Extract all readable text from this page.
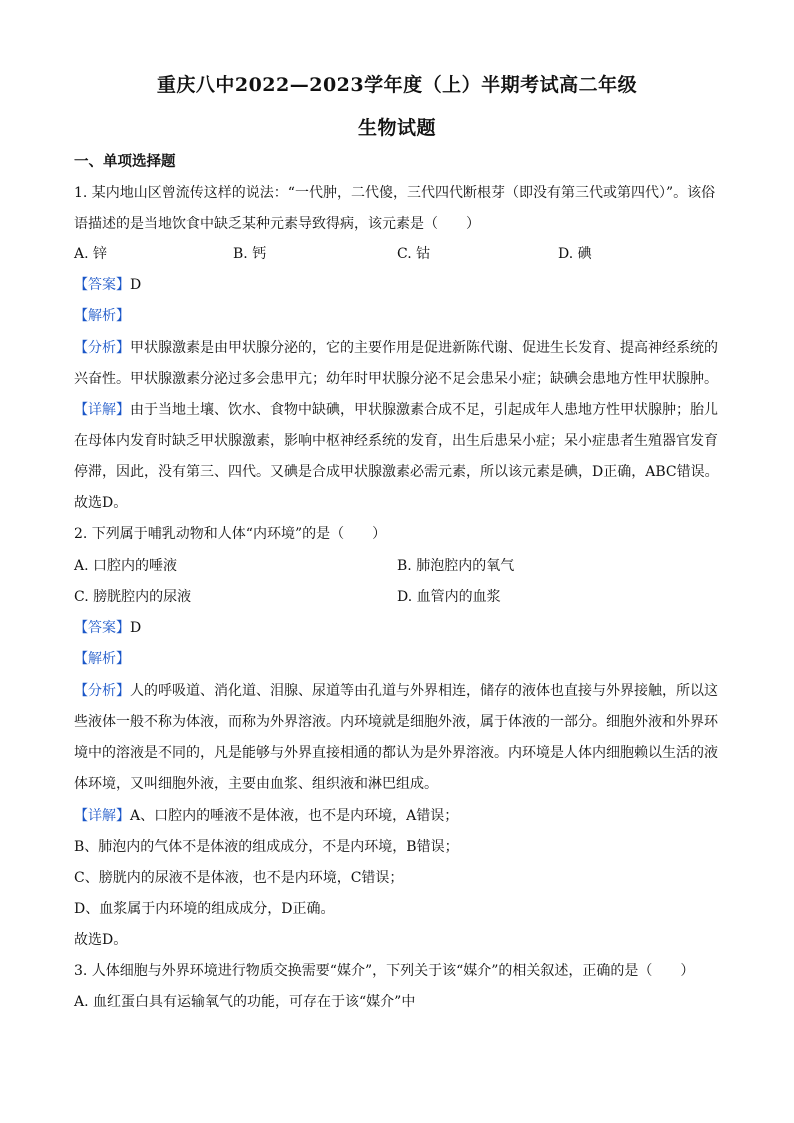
重庆八中2022—2023学年度（上）半期考试高二年级
生物试题
一、单项选择题
1. 某内地山区曾流传这样的说法：“一代肿，二代傻，三代四代断根芽（即没有第三代或第四代）”。该俗
语描述的是当地饮食中缺乏某种元素导致得病，该元素是（　　）
A. 锌	B. 钙	C. 钴	D. 碘
【答案】D
【解析】
【分析】甲状腺激素是由甲状腺分泌的，它的主要作用是促进新陈代谢、促进生长发育、提高神经系统的
兴奋性。甲状腺激素分泌过多会患甲亢；幼年时甲状腺分泌不足会患呆小症；缺碘会患地方性甲状腺肿。
【详解】由于当地土壤、饮水、食物中缺碘，甲状腺激素合成不足，引起成年人患地方性甲状腺肿；胎儿
在母体内发育时缺乏甲状腺激素，影响中枢神经系统的发育，出生后患呆小症；呆小症患者生殖器官发育
停滞，因此，没有第三、四代。又碘是合成甲状腺激素必需元素，所以该元素是碘，D正确，ABC错误。
故选D。
2. 下列属于哺乳动物和人体“内环境”的是（　　）
A. 口腔内的唾液	B. 肺泡腔内的氧气
C. 膀胱腔内的尿液	D. 血管内的血浆
【答案】D
【解析】
【分析】人的呼吸道、消化道、泪腺、尿道等由孔道与外界相连，储存的液体也直接与外界接触，所以这
些液体一般不称为体液，而称为外界溶液。内环境就是细胞外液，属于体液的一部分。细胞外液和外界环
境中的溶液是不同的，凡是能够与外界直接相通的都认为是外界溶液。内环境是人体内细胞赖以生活的液
体环境，又叫细胞外液，主要由血浆、组织液和淋巴组成。
【详解】A、口腔内的唾液不是体液，也不是内环境，A错误；
B、肺泡内的气体不是体液的组成成分，不是内环境，B错误；
C、膀胱内的尿液不是体液，也不是内环境，C错误；
D、血浆属于内环境的组成成分，D正确。
故选D。
3. 人体细胞与外界环境进行物质交换需要“媒介”，下列关于该“媒介”的相关叙述，正确的是（　　）
A. 血红蛋白具有运输氧气的功能，可存在于该“媒介”中
